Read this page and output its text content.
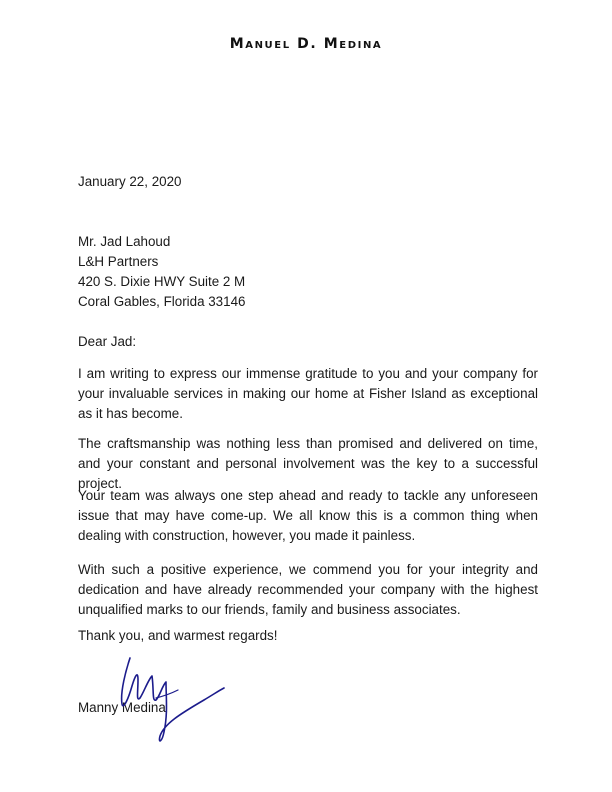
Manuel D. Medina
January 22, 2020
Mr. Jad Lahoud
L&H Partners
420 S. Dixie HWY Suite 2 M
Coral Gables, Florida 33146
Dear Jad:

I am writing to express our immense gratitude to you and your company for your invaluable services in making our home at Fisher Island as exceptional as it has become.

The craftsmanship was nothing less than promised and delivered on time, and your constant and personal involvement was the key to a successful project.

Your team was always one step ahead and ready to tackle any unforeseen issue that may have come-up. We all know this is a common thing when dealing with construction, however, you made it painless.

With such a positive experience, we commend you for your integrity and dedication and have already recommended your company with the highest unqualified marks to our friends, family and business associates.

Thank you, and warmest regards!
Manny Medina
